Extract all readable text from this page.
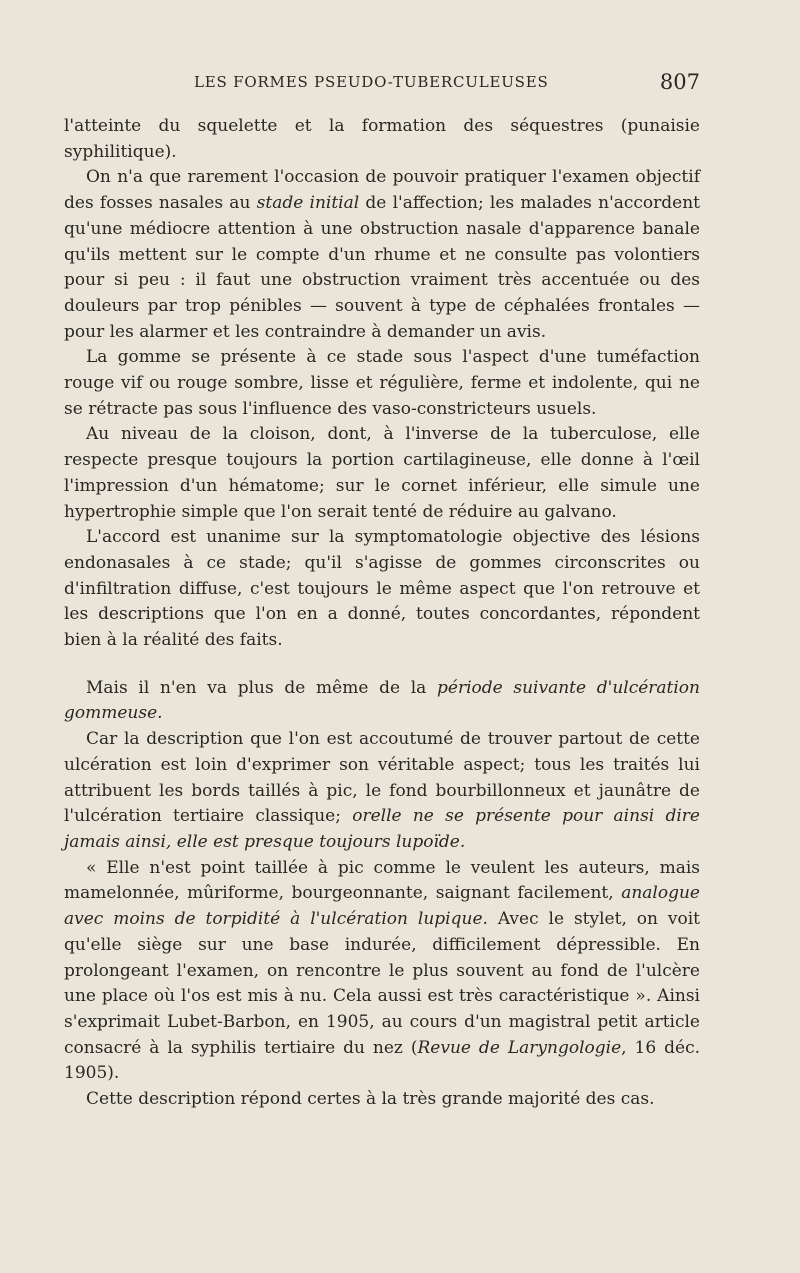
LES FORMES PSEUDO-TUBERCULEUSES	807

l'atteinte du squelette et la formation des séquestres (punaisie syphilitique).

On n'a que rarement l'occasion de pouvoir pratiquer l'examen objectif des fosses nasales au stade initial de l'affection; les malades n'accordent qu'une médiocre attention à une obstruction nasale d'apparence banale qu'ils mettent sur le compte d'un rhume et ne consulte pas volontiers pour si peu : il faut une obstruction vraiment très accentuée ou des douleurs par trop pénibles — souvent à type de céphalées frontales — pour les alarmer et les contraindre à demander un avis.

La gomme se présente à ce stade sous l'aspect d'une tuméfaction rouge vif ou rouge sombre, lisse et régulière, ferme et indolente, qui ne se rétracte pas sous l'influence des vaso-constricteurs usuels.

Au niveau de la cloison, dont, à l'inverse de la tuberculose, elle respecte presque toujours la portion cartilagineuse, elle donne à l'œil l'impression d'un hématome; sur le cornet inférieur, elle simule une hypertrophie simple que l'on serait tenté de réduire au galvano.

L'accord est unanime sur la symptomatologie objective des lésions endonasales à ce stade; qu'il s'agisse de gommes circonscrites ou d'infiltration diffuse, c'est toujours le même aspect que l'on retrouve et les descriptions que l'on en a donné, toutes concordantes, répondent bien à la réalité des faits.

Mais il n'en va plus de même de la période suivante d'ulcération gommeuse.

Car la description que l'on est accoutumé de trouver partout de cette ulcération est loin d'exprimer son véritable aspect; tous les traités lui attribuent les bords taillés à pic, le fond bourbillonneux et jaunâtre de l'ulcération tertiaire classique; orelle ne se présente pour ainsi dire jamais ainsi, elle est presque toujours lupoïde.

« Elle n'est point taillée à pic comme le veulent les auteurs, mais mamelonnée, mûriforme, bourgeonnante, saignant facilement, analogue avec moins de torpidité à l'ulcération lupique. Avec le stylet, on voit qu'elle siège sur une base indurée, difficilement dépressible. En prolongeant l'examen, on rencontre le plus souvent au fond de l'ulcère une place où l'os est mis à nu. Cela aussi est très caractéristique ». Ainsi s'exprimait Lubet-Barbon, en 1905, au cours d'un magistral petit article consacré à la syphilis tertiaire du nez (Revue de Laryngologie, 16 déc. 1905).

Cette description répond certes à la très grande majorité des cas.
